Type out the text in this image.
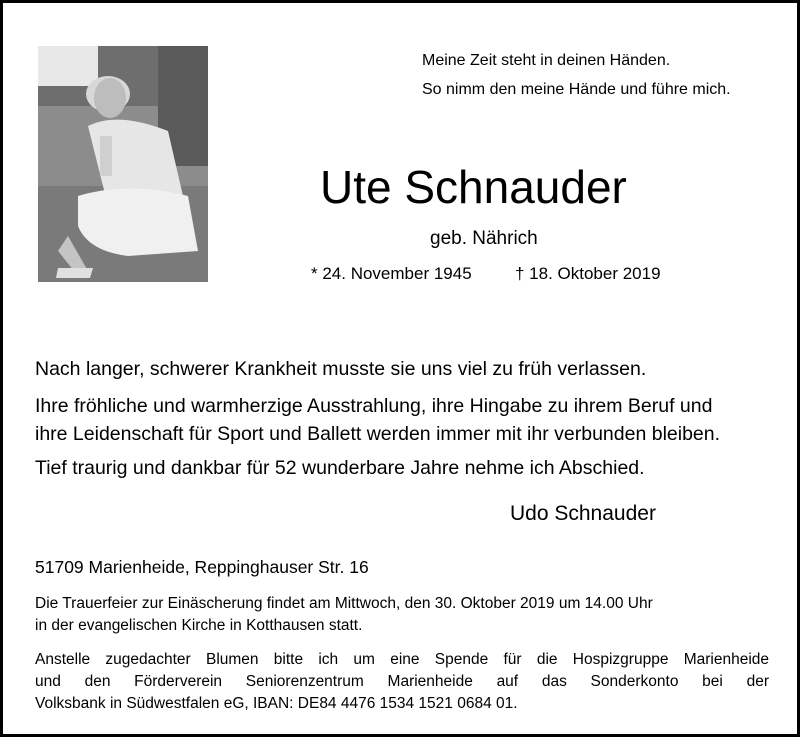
Meine Zeit steht in deinen Händen.
So nimm den meine Hände und führe mich.
Ute Schnauder
geb. Nährich
* 24. November 1945	† 18. Oktober 2019
Nach langer, schwerer Krankheit musste sie uns viel zu früh verlassen.
Ihre fröhliche und warmherzige Ausstrahlung, ihre Hingabe zu ihrem Beruf und
ihre Leidenschaft für Sport und Ballett werden immer mit ihr verbunden bleiben.
Tief traurig und dankbar für 52 wunderbare Jahre nehme ich Abschied.
Udo Schnauder
51709 Marienheide, Reppinghauser Str. 16
Die Trauerfeier zur Einäscherung findet am Mittwoch, den 30. Oktober 2019 um 14.00 Uhr
in der evangelischen Kirche in Kotthausen statt.
Anstelle zugedachter Blumen bitte ich um eine Spende für die Hospizgruppe Marienheide
und den Förderverein Seniorenzentrum Marienheide auf das Sonderkonto bei der
Volksbank in Südwestfalen eG, IBAN: DE84 4476 1534 1521 0684 01.
